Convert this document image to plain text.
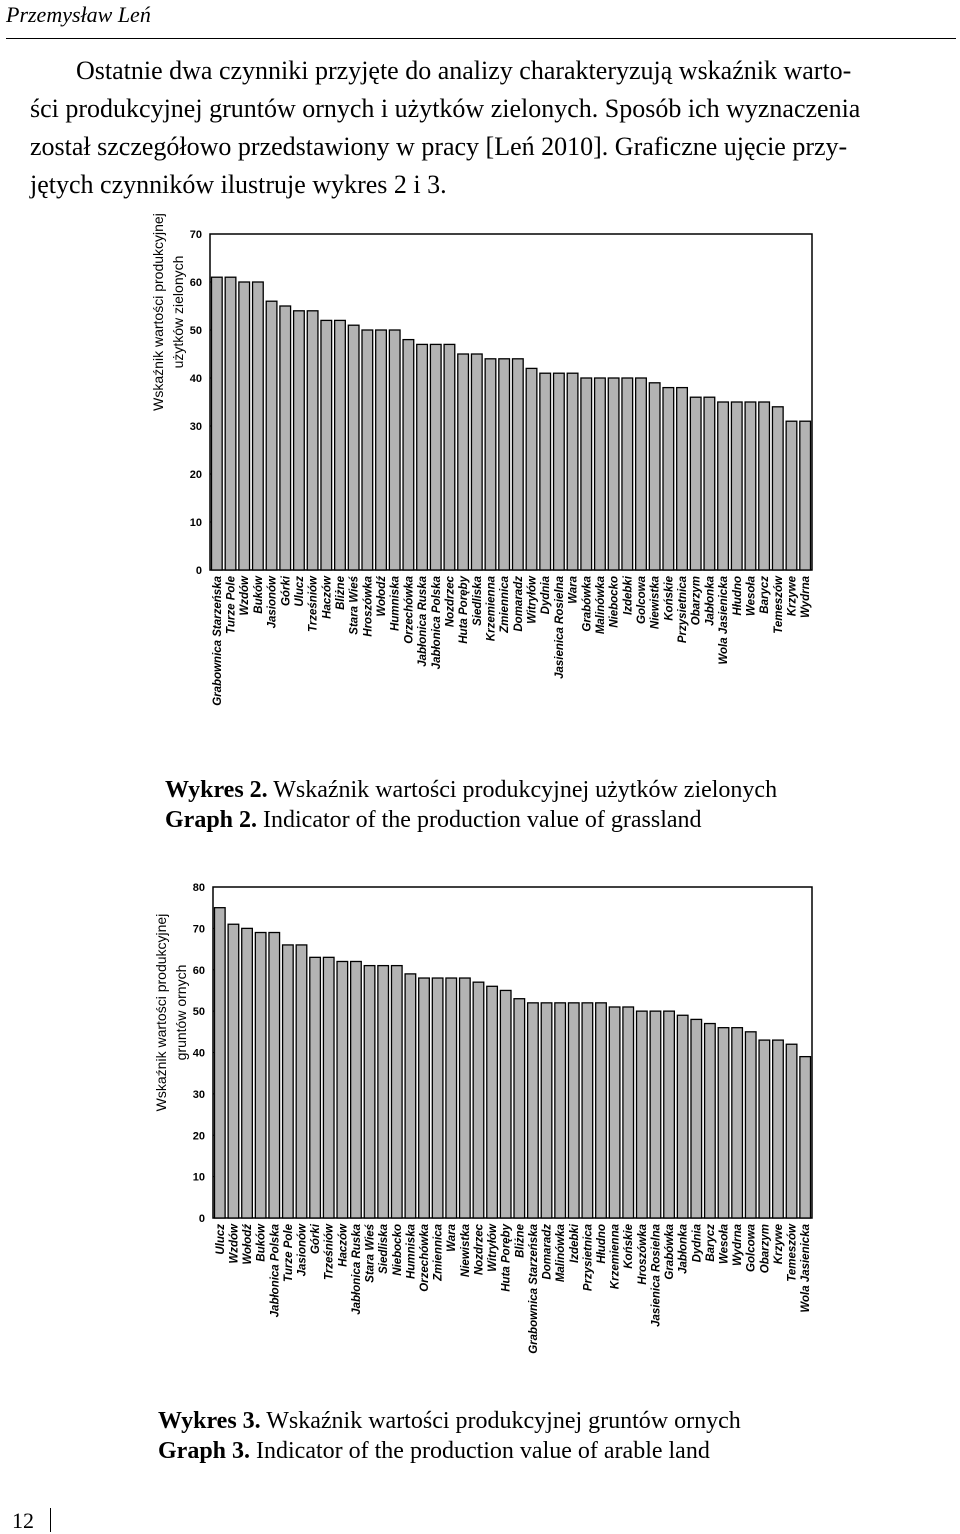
Przemysław Leń
Ostatnie dwa czynniki przyjęte do analizy charakteryzują wskaźnik warto-
ści produkcyjnej gruntów ornych i użytków zielonych. Sposób ich wyznaczenia
został szczegółowo przedstawiony w pracy [Leń 2010]. Graficzne ujęcie przy-
jętych czynników ilustruje wykres 2 i 3.
0
10
20
30
40
50
60
70
Wskaźnik wartości produkcyjnej użytków zielonych
Grabownica Starzeńska Turze Pole Wzdów Buków Jasionów Górki Ulucz Trześniów Haczów Bliżne Stara Wieś Hroszówka Wołodź Humniska Orzechówka Jabłonica Ruska Jabłonica Polska Nozdrzec Huta Poręby Siedliska Krzemienna Zmiennica Domaradz Witryłów Dydnia Jasienica Rosielna Wara Grabówka Malinówka Niebocko Izdebki Golcowa Niewistka Końskie Przysietnica Obarzym Jabłonka Wola Jasienicka Hłudno Wesoła Barycz Temeszów Krzywe Wydrna
Wykres 2. Wskaźnik wartości produkcyjnej użytków zielonych
Graph 2. Indicator of the production value of grassland
0
10
20
30
40
50
60
70
80
Wskaźnik wartości produkcyjnej gruntów ornych
Ulucz Wzdów Wołodź Buków Jabłonica Polska Turze Pole Jasionów Górki Trześniów Haczów Jabłonica Ruska Stara Wieś Siedliska Niebocko Humniska Orzechówka Zmiennica Wara Niewistka Nozdrzec Witryłów Huta Poręby Bliżne Grabownica Starzeńska Domaradz Malinówka Izdebki Przysietnica Hłudno Krzemienna Końskie Hroszówka Jasienica Rosielna Grabówka Jabłonka Dydnia Barycz Wesoła Wydrna Golcowa Obarzym Krzywe Temeszów Wola Jasienicka
Wykres 3. Wskaźnik wartości produkcyjnej gruntów ornych
Graph 3. Indicator of the production value of arable land
12
